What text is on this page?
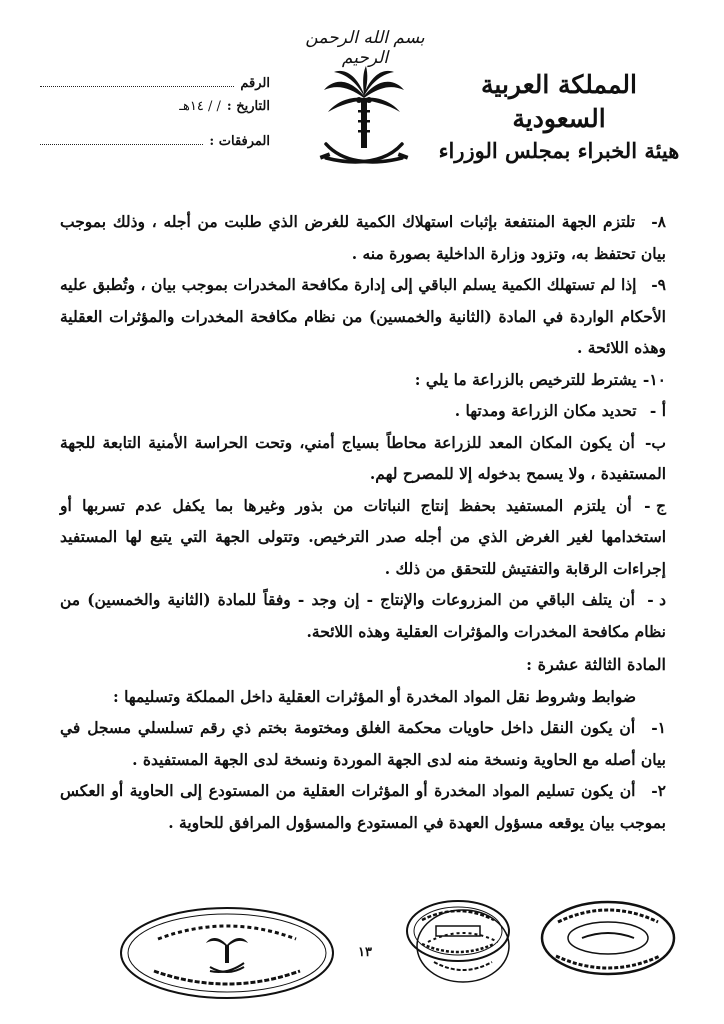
بسم الله الرحمن الرحيم
المملكة العربية السعودية
هيئة الخبراء بمجلس الوزراء
الرقم
التاريخ :
/ / ١٤هـ
المرفقات :

٨- تلتزم الجهة المنتفعة بإثبات استهلاك الكمية للغرض الذي طلبت من أجله ، وذلك بموجب بيان تحتفظ به، وتزود وزارة الداخلية بصورة منه .

٩- إذا لم تستهلك الكمية يسلم الباقي إلى إدارة مكافحة المخدرات بموجب بيان ، وتُطبق عليه الأحكام الواردة في المادة (الثانية والخمسين) من نظام مكافحة المخدرات والمؤثرات العقلية وهذه اللائحة .

١٠- يشترط للترخيص بالزراعة ما يلي :

أ - تحديد مكان الزراعة ومدتها .

ب- أن يكون المكان المعد للزراعة محاطاً بسياج أمني، وتحت الحراسة الأمنية التابعة للجهة المستفيدة ، ولا يسمح بدخوله إلا للمصرح لهم.

ج - أن يلتزم المستفيد بحفظ إنتاج النباتات من بذور وغيرها بما يكفل عدم تسربها أو استخدامها لغير الغرض الذي من أجله صدر الترخيص. وتتولى الجهة التي يتبع لها المستفيد إجراءات الرقابة والتفتيش للتحقق من ذلك .

د - أن يتلف الباقي من المزروعات والإنتاج - إن وجد - وفقاً للمادة (الثانية والخمسين) من نظام مكافحة المخدرات والمؤثرات العقلية وهذه اللائحة.

المادة الثالثة عشرة :

ضوابط وشروط نقل المواد المخدرة أو المؤثرات العقلية داخل المملكة وتسليمها :

١- أن يكون النقل داخل حاويات محكمة الغلق ومختومة بختم ذي رقم تسلسلي مسجل في بيان أصله مع الحاوية ونسخة منه لدى الجهة الموردة ونسخة لدى الجهة المستفيدة .

٢- أن يكون تسليم المواد المخدرة أو المؤثرات العقلية من المستودع إلى الحاوية أو العكس بموجب بيان يوقعه مسؤول العهدة في المستودع والمسؤول المرافق للحاوية .

١٣
